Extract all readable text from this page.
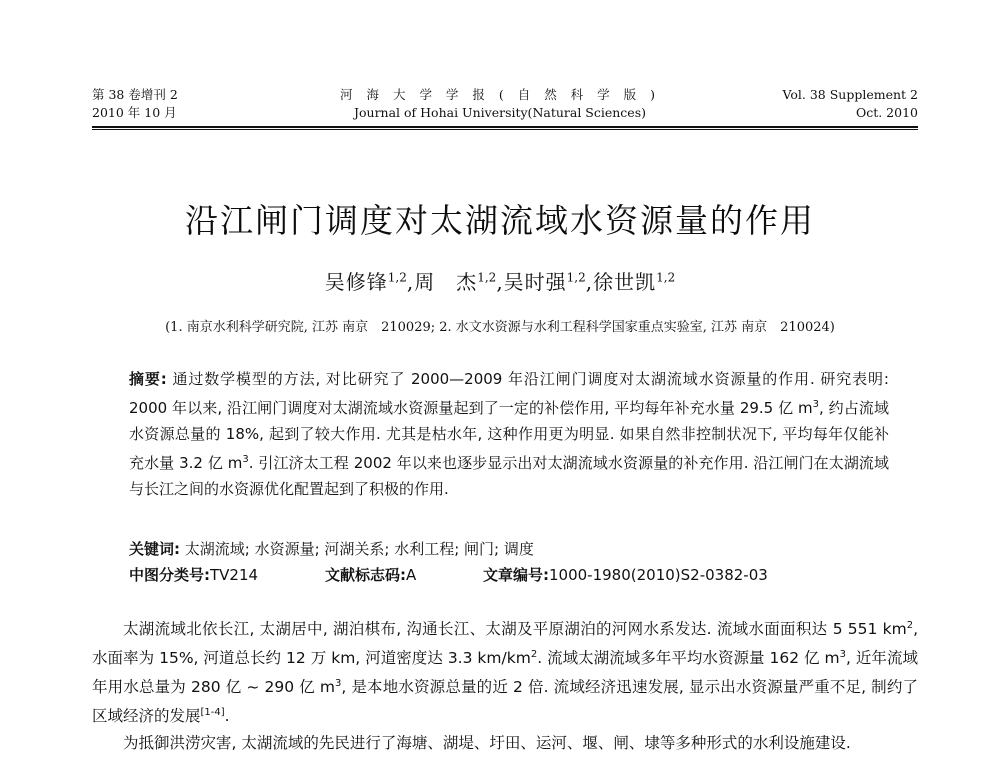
第 38 卷增刊 2
2010 年 10 月
河 海 大 学 学 报 ( 自 然 科 学 版 )
Journal of Hohai University(Natural Sciences)
Vol. 38 Supplement 2
Oct. 2010
沿江闸门调度对太湖流域水资源量的作用
吴修锋$^{1,2}$,周　杰$^{1,2}$,吴时强$^{1,2}$,徐世凯$^{1,2}$
(1. 南京水利科学研究院, 江苏 南京　210029; 2. 水文水资源与水利工程科学国家重点实验室, 江苏 南京　210024)
摘要: 通过数学模型的方法, 对比研究了 2000—2009 年沿江闸门调度对太湖流域水资源量的作用. 研究表明: 2000 年以来, 沿江闸门调度对太湖流域水资源量起到了一定的补偿作用, 平均每年补充水量 29.5 亿 $m^3$, 约占流域水资源总量的 18%, 起到了较大作用. 尤其是枯水年, 这种作用更为明显. 如果自然非控制状况下, 平均每年仅能补充水量 3.2 亿 $m^3$. 引江济太工程 2002 年以来也逐步显示出对太湖流域水资源量的补充作用. 沿江闸门在太湖流域与长江之间的水资源优化配置起到了积极的作用.
关键词: 太湖流域; 水资源量; 河湖关系; 水利工程; 闸门; 调度
中图分类号:TV214	文献标志码:A	文章编号:1000-1980(2010)S2-0382-03

太湖流域北依长江, 太湖居中, 湖泊棋布, 沟通长江、太湖及平原湖泊的河网水系发达. 流域水面面积达 5 551 $km^2$, 水面率为 15%, 河道总长约 12 万 km, 河道密度达 3.3 $km/km^2$. 流域太湖流域多年平均水资源量 162 亿 $m^3$, 近年流域年用水总量为 280 亿 ~ 290 亿 $m^3$, 是本地水资源总量的近 2 倍. 流域经济迅速发展, 显示出水资源量严重不足, 制约了区域经济的发展[1-4].

为抵御洪涝灾害, 太湖流域的先民进行了海塘、湖堤、圩田、运河、堰、闸、埭等多种形式的水利设施建设.
